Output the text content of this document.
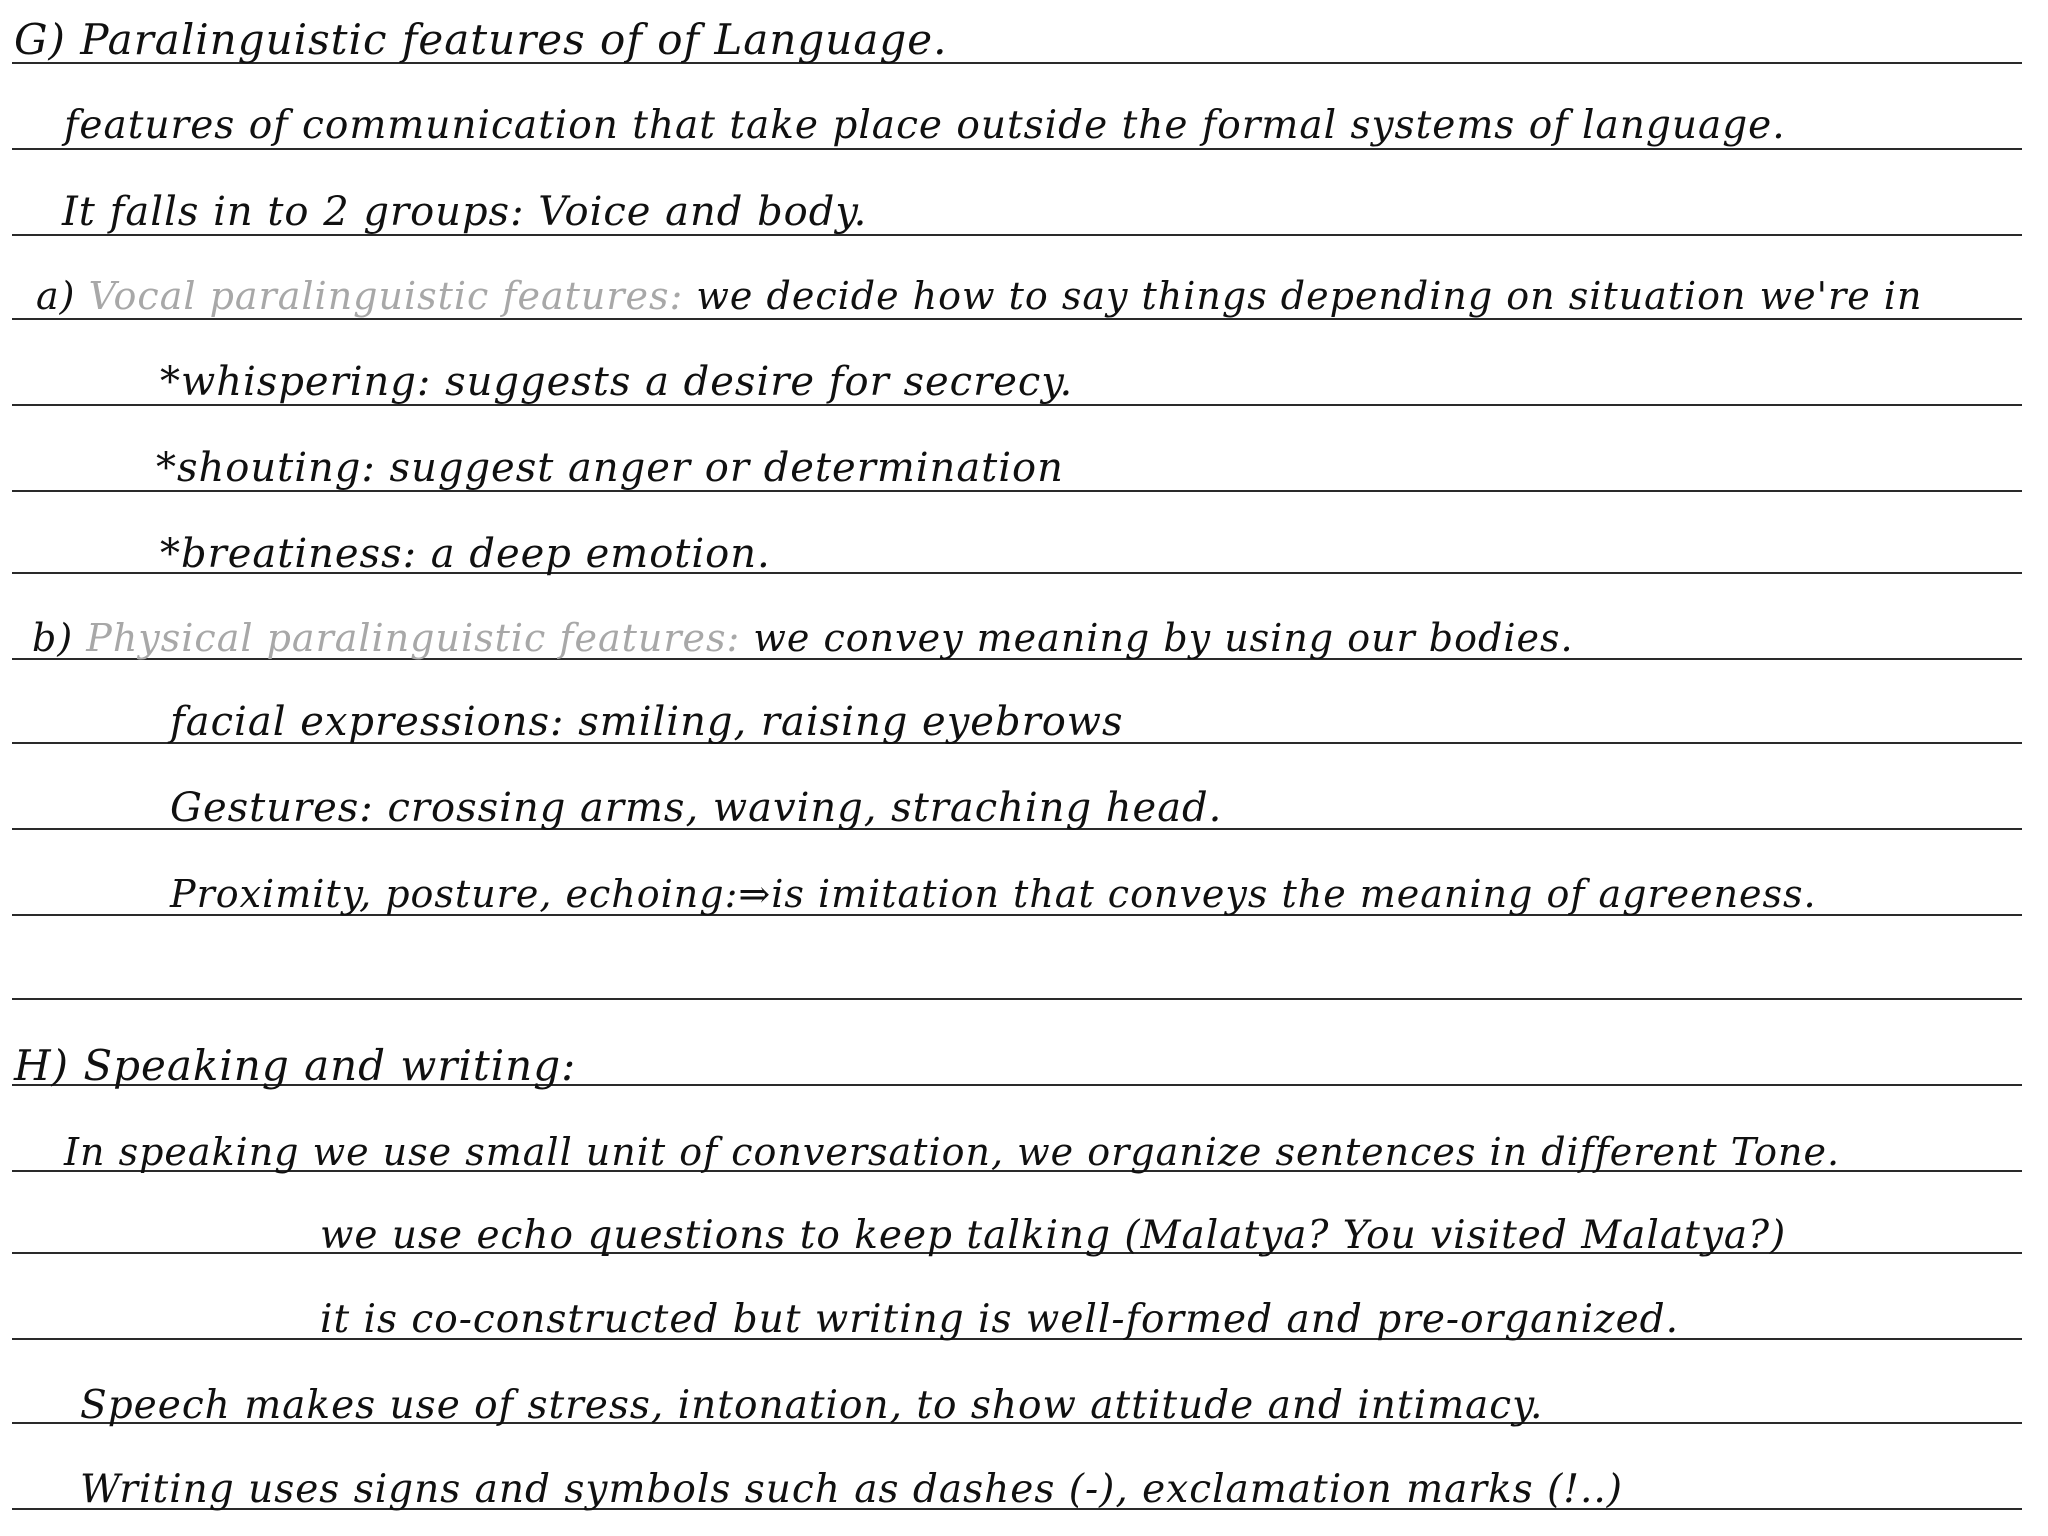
G) Paralinguistic features of of Language.
features of communication that take place outside the formal systems of language.
It falls in to 2 groups: Voice and body.
a) Vocal paralinguistic features: we decide how to say things depending on situation we're in
*whispering: suggests a desire for secrecy.
*shouting: suggest anger or determination
*breatiness: a deep emotion.
b) Physical paralinguistic features: we convey meaning by using our bodies.
facial expressions: smiling, raising eyebrows
Gestures: crossing arms, waving, straching head.
Proximity, posture, echoing:⇒is imitation that conveys the meaning of agreeness.
H) Speaking and writing:
In speaking we use small unit of conversation, we organize sentences in different Tone.
we use echo questions to keep talking (Malatya? You visited Malatya?)
it is co-constructed but writing is well-formed and pre-organized.
Speech makes use of stress, intonation, to show attitude and intimacy.
Writing uses signs and symbols such as dashes (-), exclamation marks (!..)
